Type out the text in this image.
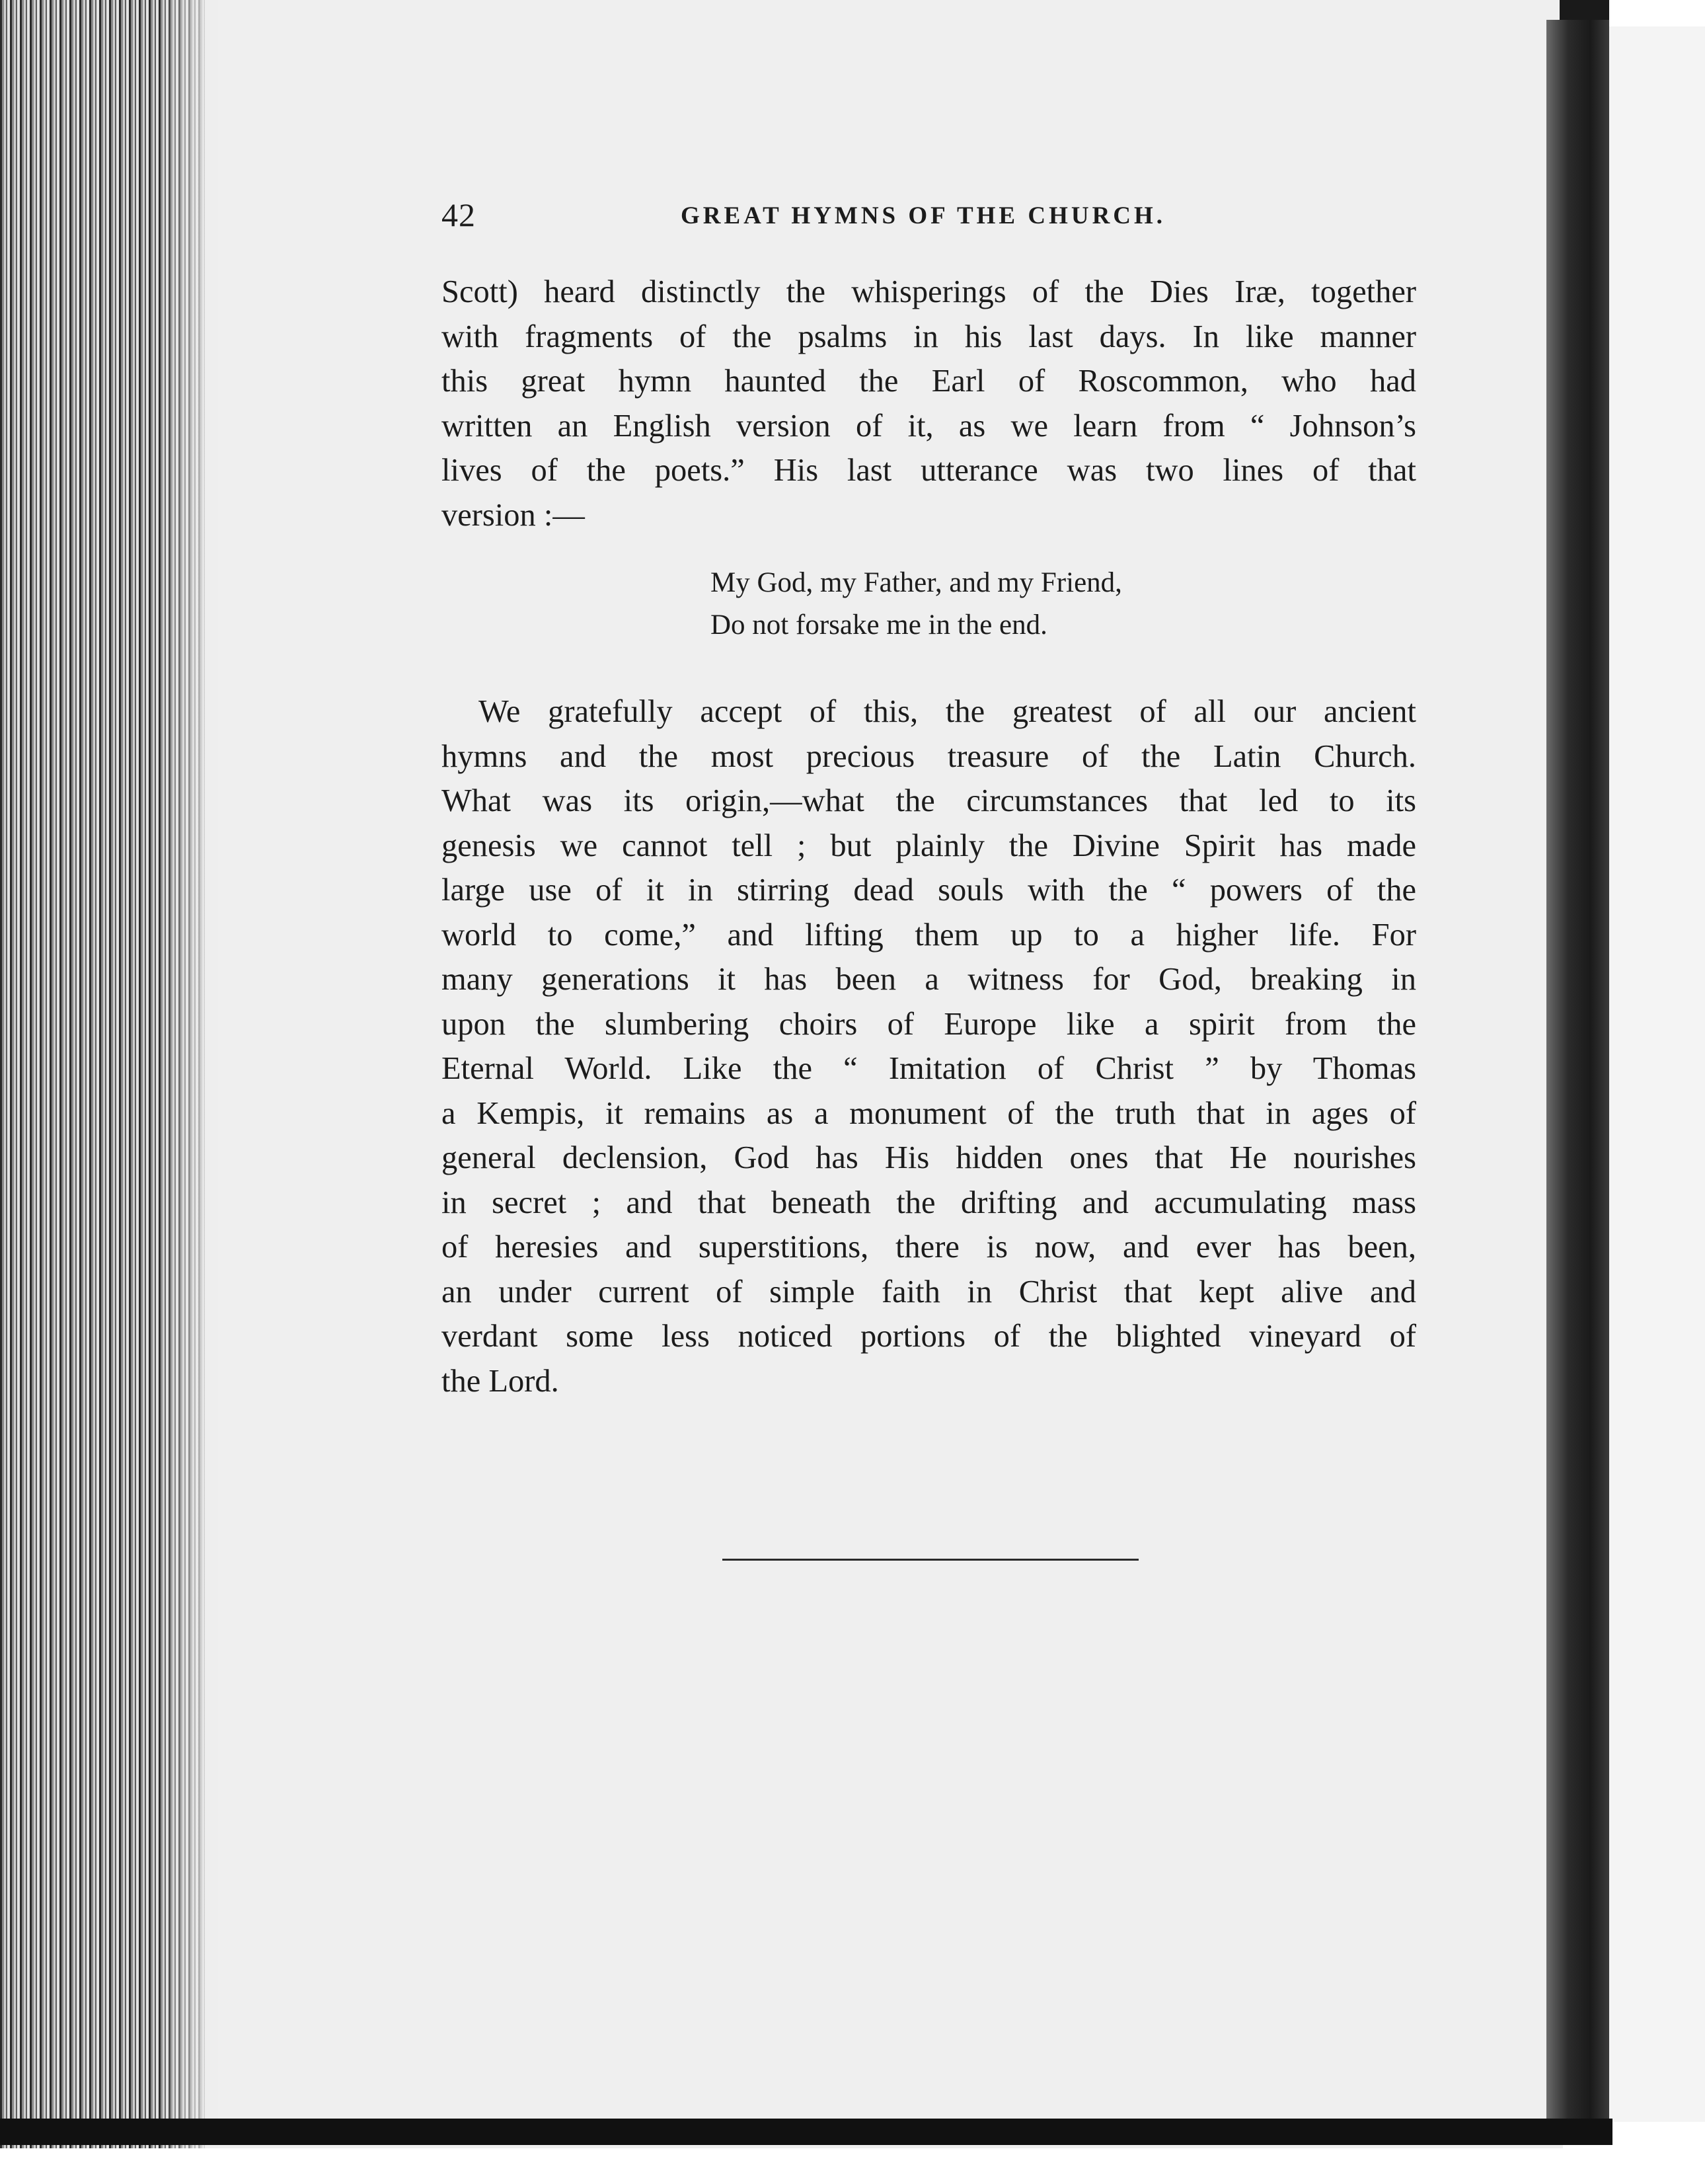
42	GREAT HYMNS OF THE CHURCH.

Scott) heard distinctly the whisperings of the Dies Iræ, together
with fragments of the psalms in his last days. In like manner
this great hymn haunted the Earl of Roscommon, who had
written an English version of it, as we learn from “ Johnson’s
lives of the poets.” His last utterance was two lines of that
version :—
My God, my Father, and my Friend,
Do not forsake me in the end.
We gratefully accept of this, the greatest of all our ancient
hymns and the most precious treasure of the Latin Church.
What was its origin,—what the circumstances that led to its
genesis we cannot tell ; but plainly the Divine Spirit has made
large use of it in stirring dead souls with the “ powers of the
world to come,” and lifting them up to a higher life. For
many generations it has been a witness for God, breaking in
upon the slumbering choirs of Europe like a spirit from the
Eternal World. Like the “ Imitation of Christ ” by Thomas
a Kempis, it remains as a monument of the truth that in ages of
general declension, God has His hidden ones that He nourishes
in secret ; and that beneath the drifting and accumulating mass
of heresies and superstitions, there is now, and ever has been,
an under current of simple faith in Christ that kept alive and
verdant some less noticed portions of the blighted vineyard of
the Lord.
